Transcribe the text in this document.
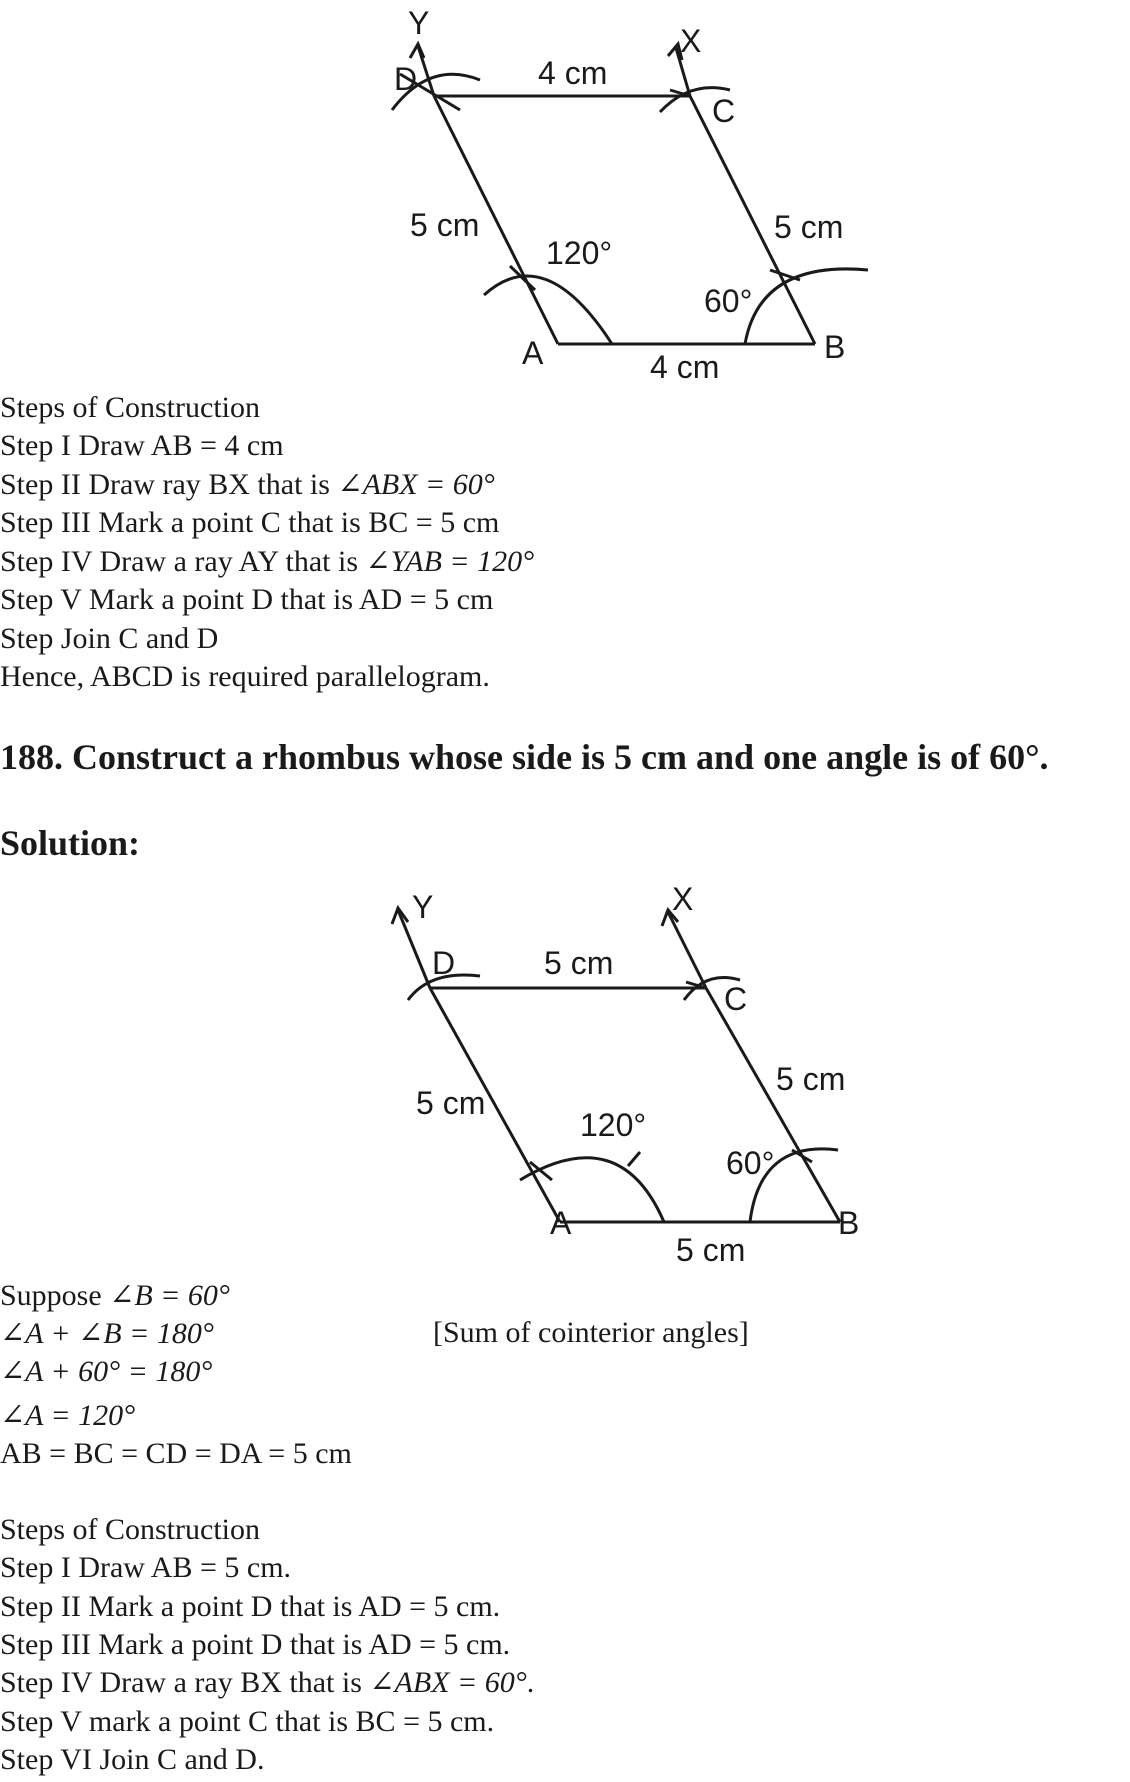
Y	X
D
C
A	B
4 cm
4 cm
5 cm	5 cm
120°
60°
Steps of Construction
Step I Draw AB = 4 cm
Step II Draw ray BX that is ∠ABX = 60°
Step III Mark a point C that is BC = 5 cm
Step IV Draw a ray AY that is ∠YAB = 120°
Step V Mark a point D that is AD = 5 cm
Step Join C and D
Hence, ABCD is required parallelogram.
188. Construct a rhombus whose side is 5 cm and one angle is of 60°.
Solution:
Y	X
D
C
A	B
5 cm
5 cm
5 cm
5 cm
120°
60°
Suppose ∠B = 60°
∠A + ∠B = 180°	[Sum of cointerior angles]
∠A + 60° = 180°
∠A = 120°
AB = BC = CD = DA = 5 cm
Steps of Construction
Step I Draw AB = 5 cm.
Step II Mark a point D that is AD = 5 cm.
Step III Mark a point D that is AD = 5 cm.
Step IV Draw a ray BX that is ∠ABX = 60°.
Step V mark a point C that is BC = 5 cm.
Step VI Join C and D.
